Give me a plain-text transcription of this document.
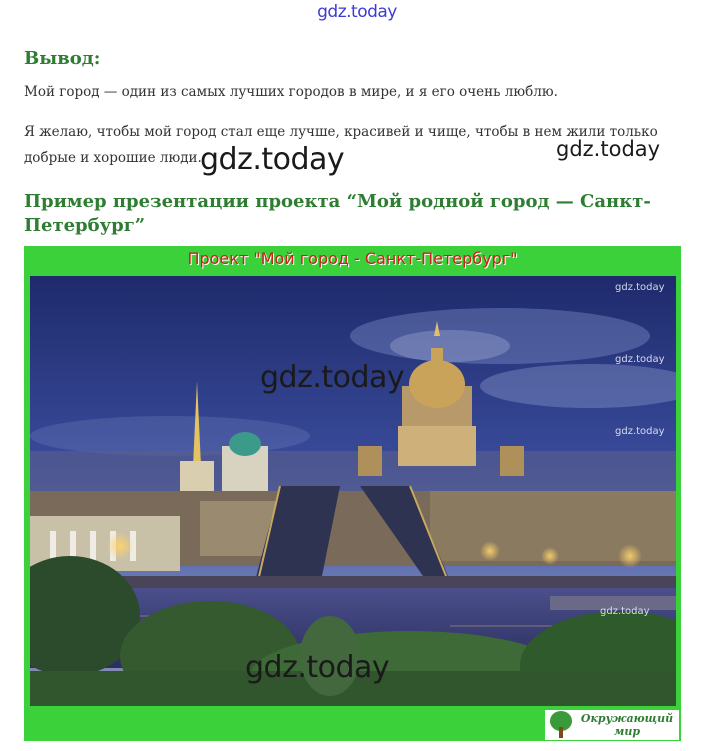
gdz.today
Вывод:
Мой город — один из самых лучших городов в мире, и я его очень люблю.
Я желаю, чтобы мой город стал еще лучше, красивей и чище, чтобы в нем жили только добрые и хорошие люди.
gdz.today	gdz.today
Пример презентации проекта “Мой родной город — Санкт-Петербург”
Проект "Мой город - Санкт-Петербург"
gdz.today
gdz.today
gdz.today
gdz.today
gdz.today
gdz.today
Окружающий
мир
